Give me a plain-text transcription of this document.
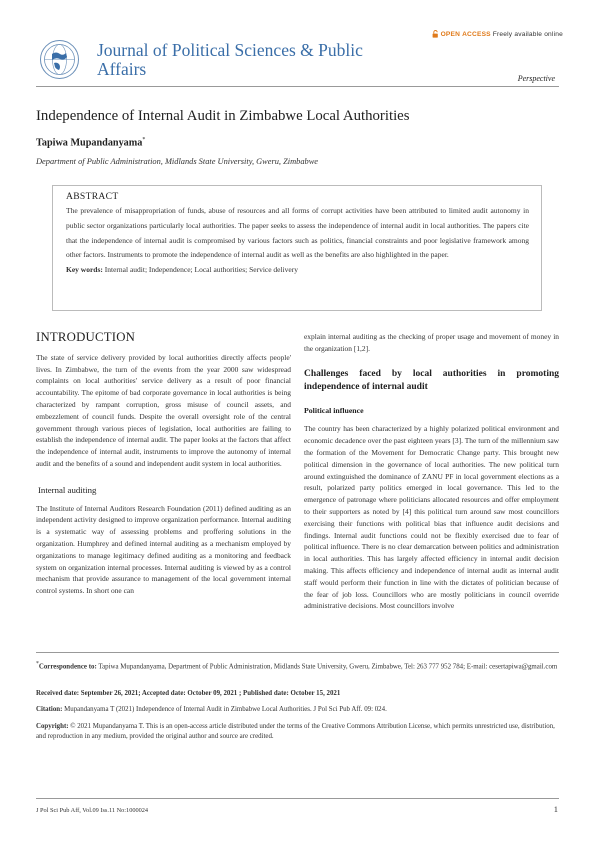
Journal of Political Sciences & Public
Affairs
OPEN ACCESS Freely available online
Perspective
Independence of Internal Audit in Zimbabwe Local Authorities
Tapiwa Mupandanyama*
Department of Public Administration, Midlands State University, Gweru, Zimbabwe
ABSTRACT
The prevalence of misappropriation of funds, abuse of resources and all forms of corrupt activities have been attributed to limited audit autonomy in public sector organizations particularly local authorities. The paper seeks to assess the independence of internal audit in local authorities. The papers cite that the independence of internal audit is compromised by various factors such as politics, financial constraints and poor legislative framework among other factors. Instruments to promote the independence of internal audit as well as the benefits are also highlighted in the paper.
Key words: Internal audit; Independence; Local authorities; Service delivery
INTRODUCTION

The state of service delivery provided by local authorities directly affects people' lives. In Zimbabwe, the turn of the events from the year 2000 saw widespread complaints on local authorities' service delivery as a result of poor financial accountability. The epitome of bad corporate governance in local authorities is being characterized by rampant corruption, gross misuse of council assets, and embezzlement of council funds. Despite the overall oversight role of the central government through various pieces of legislation, local authorities are failing to establish the independence of internal audit. The paper looks at the factors that affect the independence of internal audit, instruments to improve the autonomy of internal audit and the benefits of a sound and independent audit system in local authorities.

Internal auditing

The Institute of Internal Auditors Research Foundation (2011) defined auditing as an independent activity designed to improve organization performance. Internal auditing is a systematic way of assessing problems and proffering solutions in the organization. Humphrey and defined internal auditing as a mechanism employed by organizations to manage legitimacy defined auditing as a monitoring and feedback system on organization internal processes. Internal auditing is viewed by as a control mechanism that provide assurance to management of the local government internal control systems. In short one can

explain internal auditing as the checking of proper usage and movement of money in the organization [1,2].

Challenges faced by local authorities in promoting independence of internal audit
Political influence

The country has been characterized by a highly polarized political environment and economic decadence over the past eighteen years [3]. The turn of the millennium saw the formation of the Movement for Democratic Change party. This brought new political dimension in the governance of local authorities. The new political turn around extinguished the dominance of ZANU PF in local government elections as a result, polarized party politics emerged in local governance. This led to the emergence of patronage where politicians allocated resources and offer employment to their supporters as noted by [4] this political turn around saw most councillors exercising their functions with political bias that influence audit decisions and findings. Internal audit functions could not be flexibly exercised due to fear of political influence. There is no clear demarcation between politics and administration in local authorities. This has largely affected efficiency in internal audit decision making. This affects efficiency and independence of internal audit as internal audit staff would perform their function in line with the dictates of politician because of the fear of job loss. Councillors who are mostly politicians in council override administrative decisions. Most councillors involve

*Correspondence to: Tapiwa Mupandanyama, Department of Public Administration, Midlands State University, Gweru, Zimbabwe, Tel: 263 777 952 784; E-mail: cesertapiwa@gmail.com
Received date: September 26, 2021; Accepted date: October 09, 2021 ; Published date: October 15, 2021
Citation: Mupandanyama T (2021) Independence of Internal Audit in Zimbabwe Local Authorities. J Pol Sci Pub Aff. 09: 024.
Copyright: © 2021 Mupandanyama T. This is an open-access article distributed under the terms of the Creative Commons Attribution License, which permits unrestricted use, distribution, and reproduction in any medium, provided the original author and source are credited.
J Pol Sci Pub Aff, Vol.09 Iss.11 No:1000024	1
